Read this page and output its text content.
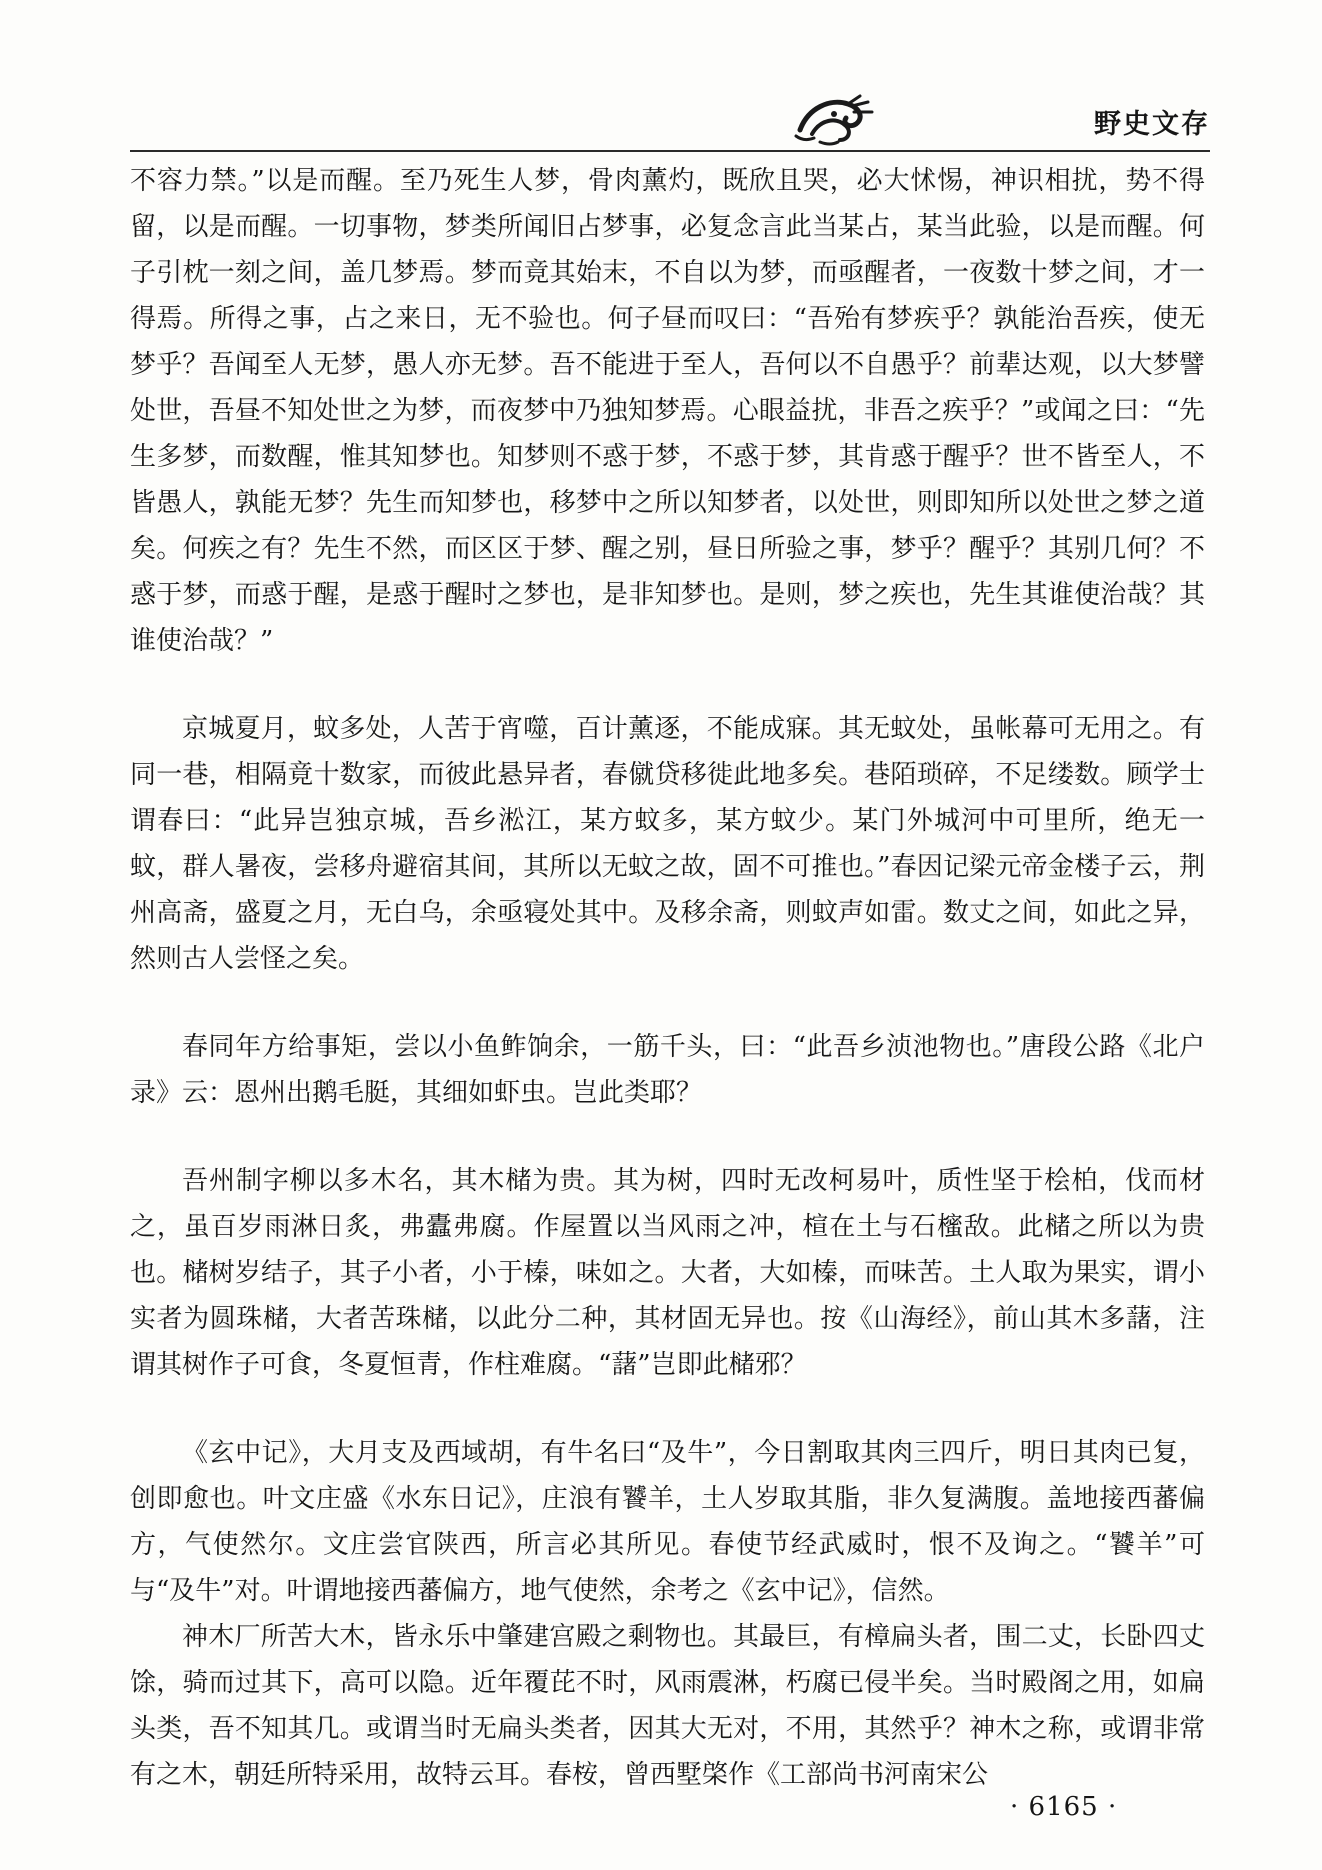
野史文存

不容力禁。”以是而醒。至乃死生人梦，骨肉薰灼，既欣且哭，必大怵惕，神识相扰，势不得留，以是而醒。一切事物，梦类所闻旧占梦事，必复念言此当某占，某当此验，以是而醒。何子引枕一刻之间，盖几梦焉。梦而竟其始末，不自以为梦，而亟醒者，一夜数十梦之间，才一得焉。所得之事，占之来日，无不验也。何子昼而叹曰：“吾殆有梦疾乎？孰能治吾疾，使无梦乎？吾闻至人无梦，愚人亦无梦。吾不能进于至人，吾何以不自愚乎？前辈达观，以大梦譬处世，吾昼不知处世之为梦，而夜梦中乃独知梦焉。心眼益扰，非吾之疾乎？”或闻之曰：“先生多梦，而数醒，惟其知梦也。知梦则不惑于梦，不惑于梦，其肯惑于醒乎？世不皆至人，不皆愚人，孰能无梦？先生而知梦也，移梦中之所以知梦者，以处世，则即知所以处世之梦之道矣。何疾之有？先生不然，而区区于梦、醒之别，昼日所验之事，梦乎？醒乎？其别几何？不惑于梦，而惑于醒，是惑于醒时之梦也，是非知梦也。是则，梦之疾也，先生其谁使治哉？其谁使治哉？”

京城夏月，蚊多处，人苦于宵噬，百计薰逐，不能成寐。其无蚊处，虽帐幕可无用之。有同一巷，相隔竟十数家，而彼此悬异者，春僦贷移徙此地多矣。巷陌琐碎，不足缕数。顾学士谓春曰：“此异岂独京城，吾乡淞江，某方蚊多，某方蚊少。某门外城河中可里所，绝无一蚊，群人暑夜，尝移舟避宿其间，其所以无蚊之故，固不可推也。”春因记梁元帝金楼子云，荆州高斋，盛夏之月，无白乌，余亟寝处其中。及移余斋，则蚊声如雷。数丈之间，如此之异，然则古人尝怪之矣。

春同年方给事矩，尝以小鱼鲊饷余，一筋千头，曰：“此吾乡浈池物也。”唐段公路《北户录》云：恩州出鹅毛脡，其细如虾虫。岂此类耶？

吾州制字柳以多木名，其木槠为贵。其为树，四时无改柯易叶，质性坚于桧柏，伐而材之，虽百岁雨淋日炙，弗蠹弗腐。作屋置以当风雨之冲，楦在土与石櫁敌。此槠之所以为贵也。槠树岁结子，其子小者，小于榛，味如之。大者，大如榛，而味苦。土人取为果实，谓小实者为圆珠槠，大者苦珠槠，以此分二种，其材固无异也。按《山海经》，前山其木多藷，注谓其树作子可食，冬夏恒青，作柱难腐。“藷”岂即此槠邪？

《玄中记》，大月支及西域胡，有牛名曰“及牛”，今日割取其肉三四斤，明日其肉已复，创即愈也。叶文庄盛《水东日记》，庄浪有饕羊，土人岁取其脂，非久复满腹。盖地接西蕃偏方，气使然尔。文庄尝官陕西，所言必其所见。春使节经武威时，恨不及询之。“饕羊”可与“及牛”对。叶谓地接西蕃偏方，地气使然，余考之《玄中记》，信然。

神木厂所苦大木，皆永乐中肇建宫殿之剩物也。其最巨，有樟扁头者，围二丈，长卧四丈馀，骑而过其下，高可以隐。近年覆芘不时，风雨震淋，朽腐已侵半矣。当时殿阁之用，如扁头类，吾不知其几。或谓当时无扁头类者，因其大无对，不用，其然乎？神木之称，或谓非常有之木，朝廷所特采用，故特云耳。春桉，曾西墅棨作《工部尚书河南宋公

· 6165 ·
